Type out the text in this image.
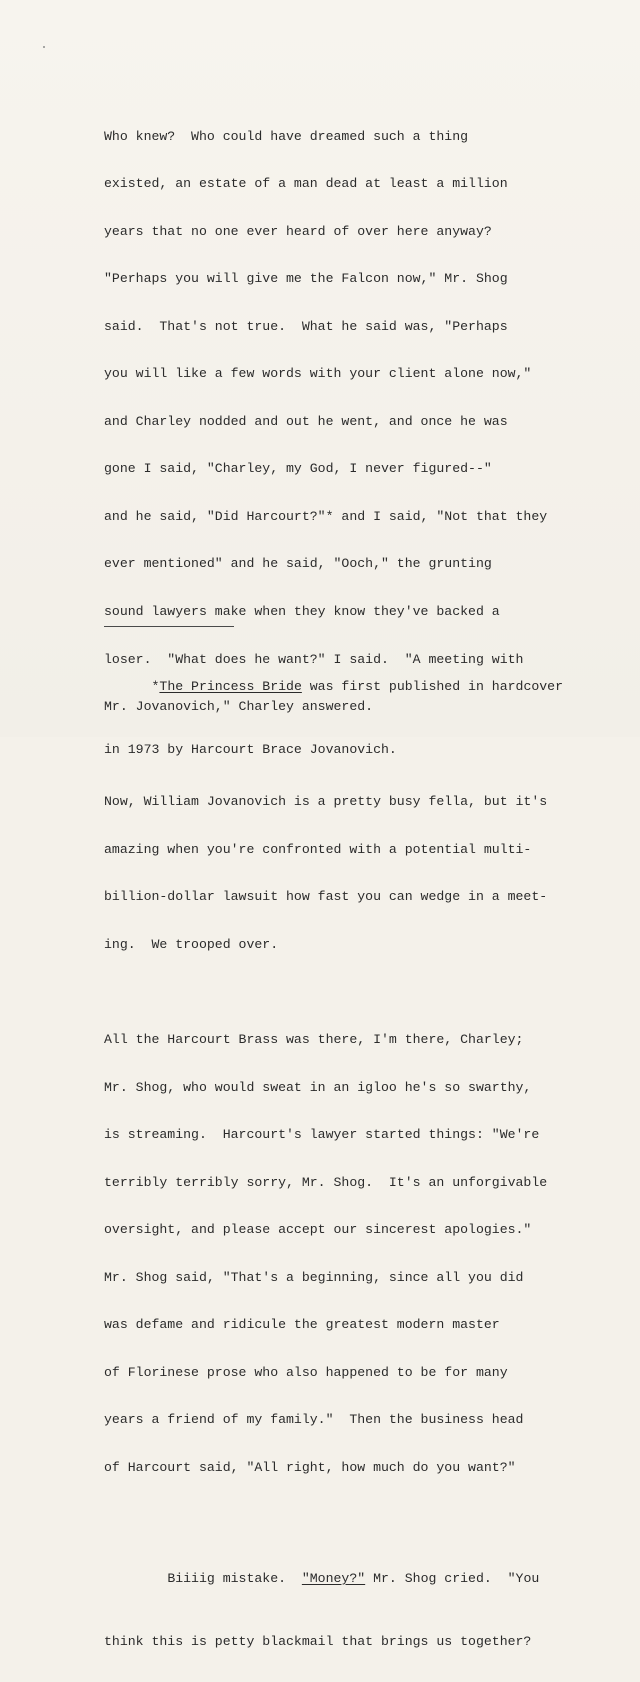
Who knew?  Who could have dreamed such a thing

existed, an estate of a man dead at least a million

years that no one ever heard of over here anyway?

"Perhaps you will give me the Falcon now," Mr. Shog

said.  That's not true.  What he said was, "Perhaps

you will like a few words with your client alone now,"

and Charley nodded and out he went, and once he was

gone I said, "Charley, my God, I never figured--"

and he said, "Did Harcourt?"* and I said, "Not that they

ever mentioned" and he said, "Ooch," the grunting

sound lawyers make when they know they've backed a

loser.  "What does he want?" I said.  "A meeting with

Mr. Jovanovich," Charley answered.

Now, William Jovanovich is a pretty busy fella, but it's

amazing when you're confronted with a potential multi-

billion-dollar lawsuit how fast you can wedge in a meet-

ing.  We trooped over.

All the Harcourt Brass was there, I'm there, Charley;

Mr. Shog, who would sweat in an igloo he's so swarthy,

is streaming.  Harcourt's lawyer started things: "We're

terribly terribly sorry, Mr. Shog.  It's an unforgivable

oversight, and please accept our sincerest apologies."

Mr. Shog said, "That's a beginning, since all you did

was defame and ridicule the greatest modern master

of Florinese prose who also happened to be for many

years a friend of my family."  Then the business head

of Harcourt said, "All right, how much do you want?"

Biiiig mistake.  "Money?" Mr. Shog cried.  "You

think this is petty blackmail that brings us together?

*The Princess Bride was first published in hardcover

in 1973 by Harcourt Brace Jovanovich.
